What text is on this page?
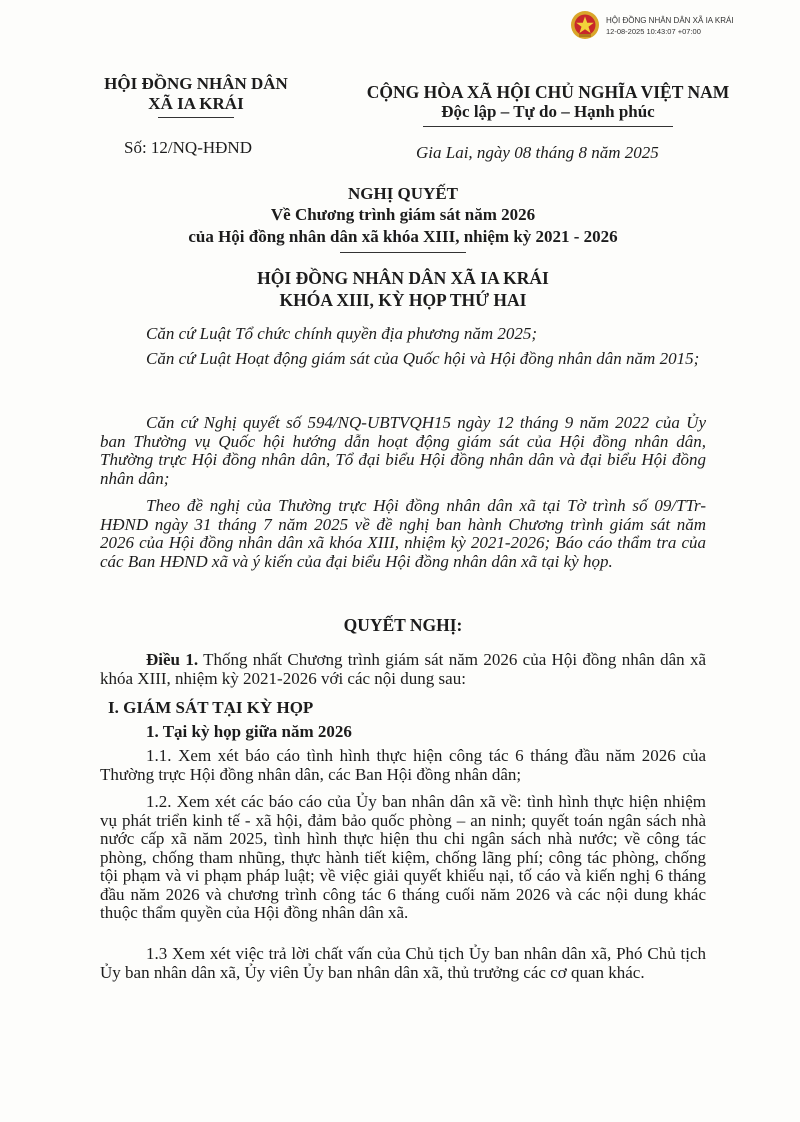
HỘI ĐỒNG NHÂN DÂN XÃ IA KRÁI
12-08-2025 10:43:07 +07:00
HỘI ĐỒNG NHÂN DÂN
XÃ IA KRÁI
Số: 12/NQ-HĐND
CỘNG HÒA XÃ HỘI CHỦ NGHĨA VIỆT NAM
Độc lập – Tự do – Hạnh phúc
Gia Lai, ngày 08 tháng 8 năm 2025
NGHỊ QUYẾT
Về Chương trình giám sát năm 2026
của Hội đồng nhân dân xã khóa XIII, nhiệm kỳ 2021 - 2026
HỘI ĐỒNG NHÂN DÂN XÃ IA KRÁI
KHÓA XIII, KỲ HỌP THỨ HAI
Căn cứ Luật Tổ chức chính quyền địa phương năm 2025;
Căn cứ Luật Hoạt động giám sát của Quốc hội và Hội đồng nhân dân năm 2015;
Căn cứ Nghị quyết số 594/NQ-UBTVQH15 ngày 12 tháng 9 năm 2022 của Ủy ban Thường vụ Quốc hội hướng dẫn hoạt động giám sát của Hội đồng nhân dân, Thường trực Hội đồng nhân dân, Tổ đại biểu Hội đồng nhân dân và đại biểu Hội đồng nhân dân;
Theo đề nghị của Thường trực Hội đồng nhân dân xã tại Tờ trình số 09/TTr-HĐND ngày 31 tháng 7 năm 2025 về đề nghị ban hành Chương trình giám sát năm 2026 của Hội đồng nhân dân xã khóa XIII, nhiệm kỳ 2021-2026; Báo cáo thẩm tra của các Ban HĐND xã và ý kiến của đại biểu Hội đồng nhân dân xã tại kỳ họp.
QUYẾT NGHỊ:
Điều 1. Thống nhất Chương trình giám sát năm 2026 của Hội đồng nhân dân xã khóa XIII, nhiệm kỳ 2021-2026 với các nội dung sau:
I. GIÁM SÁT TẠI KỲ HỌP
1. Tại kỳ họp giữa năm 2026
1.1. Xem xét báo cáo tình hình thực hiện công tác 6 tháng đầu năm 2026 của Thường trực Hội đồng nhân dân, các Ban Hội đồng nhân dân;
1.2. Xem xét các báo cáo của Ủy ban nhân dân xã về: tình hình thực hiện nhiệm vụ phát triển kinh tế - xã hội, đảm bảo quốc phòng – an ninh; quyết toán ngân sách nhà nước cấp xã năm 2025, tình hình thực hiện thu chi ngân sách nhà nước; về công tác phòng, chống tham nhũng, thực hành tiết kiệm, chống lãng phí; công tác phòng, chống tội phạm và vi phạm pháp luật; về việc giải quyết khiếu nại, tố cáo và kiến nghị 6 tháng đầu năm 2026 và chương trình công tác 6 tháng cuối năm 2026 và các nội dung khác thuộc thẩm quyền của Hội đồng nhân dân xã.
1.3 Xem xét việc trả lời chất vấn của Chủ tịch Ủy ban nhân dân xã, Phó Chủ tịch Ủy ban nhân dân xã, Ủy viên Ủy ban nhân dân xã, thủ trưởng các cơ quan khác.
